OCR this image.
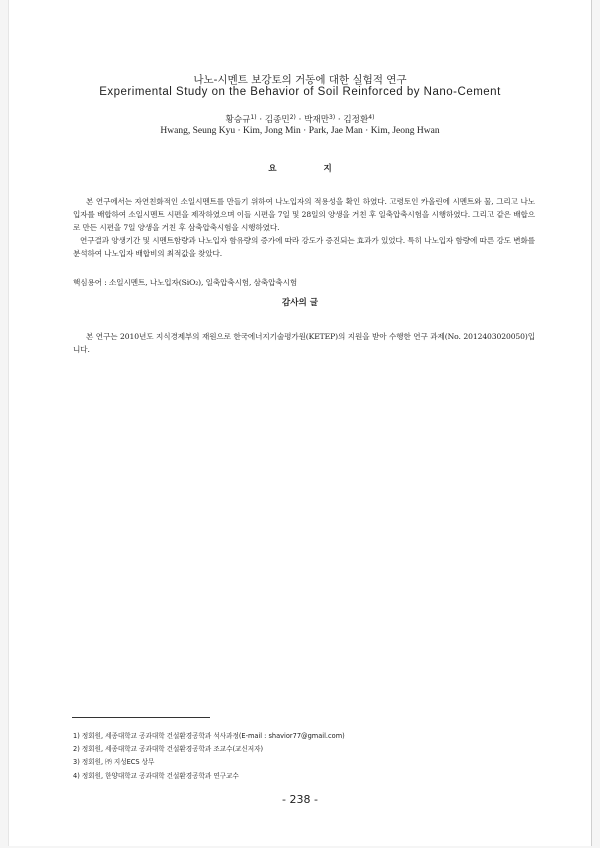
나노-시멘트 보강토의 거동에 대한 실험적 연구
Experimental Study on the Behavior of Soil Reinforced by Nano-Cement
황승규$^{1)}$ · 김종민$^{2)}$ · 박재만$^{3)}$ · 김정환$^{4)}$
Hwang, Seung Kyu · Kim, Jong Min · Park, Jae Man · Kim, Jeong Hwan
요 지

본 연구에서는 자연친화적인 소일시멘트를 만들기 위하여 나노입자의 적용성을 확인 하였다. 고령토인 카올린에 시멘트와 물, 그리고 나노입자를 배합하여 소일시멘트 시편을 제작하였으며 이들 시편을 7일 및 28일의 양생을 거친 후 일축압축시험을 시행하였다. 그리고 같은 배합으로 만든 시편을 7일 양생을 거친 후 삼축압축시험을 시행하였다.

연구결과 양생기간 및 시멘트함량과 나노입자 함유량의 증가에 따라 강도가 증진되는 효과가 있었다. 특히 나노입자 함량에 따른 강도 변화를 분석하여 나노입자 배합비의 최적값을 찾았다.

핵심용어 : 소일시멘트, 나노입자(SiO₂), 일축압축시험, 삼축압축시험

감사의 글

본 연구는 2010년도 지식경제부의 재원으로 한국에너지기술평가원(KETEP)의 지원을 받아 수행한 연구 과제(No. 2012403020050)입니다.

1) 정회원, 세종대학교 공과대학 건설환경공학과 석사과정(E-mail : shavior77@gmail.com)
2) 정회원, 세종대학교 공과대학 건설환경공학과 조교수(교신저자)
3) 정회원, ㈜ 지성ECS 상무
4) 정회원, 한양대학교 공과대학 건설환경공학과 연구교수
- 238 -
